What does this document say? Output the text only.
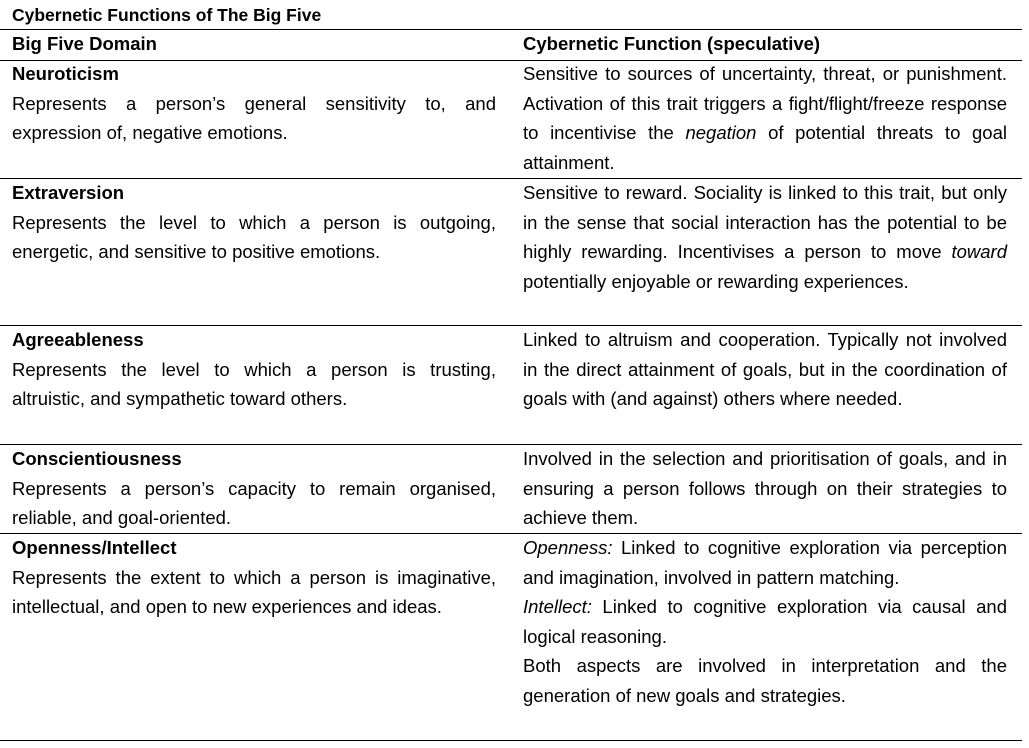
Cybernetic Functions of The Big Five
Big Five Domain	Cybernetic Function (speculative)
Neuroticism
Represents a person’s general sensitivity to, and expression of, negative emotions.
Sensitive to sources of uncertainty, threat, or punishment. Activation of this trait triggers a fight/flight/freeze response to incentivise the negation of potential threats to goal attainment.
Extraversion
Represents the level to which a person is outgoing, energetic, and sensitive to positive emotions.
Sensitive to reward. Sociality is linked to this trait, but only in the sense that social interaction has the potential to be highly rewarding. Incentivises a person to move toward potentially enjoyable or rewarding experiences.
Agreeableness
Represents the level to which a person is trusting, altruistic, and sympathetic toward others.
Linked to altruism and cooperation. Typically not involved in the direct attainment of goals, but in the coordination of goals with (and against) others where needed.
Conscientiousness
Represents a person’s capacity to remain organised, reliable, and goal-oriented.
Involved in the selection and prioritisation of goals, and in ensuring a person follows through on their strategies to achieve them.
Openness/Intellect
Represents the extent to which a person is imaginative, intellectual, and open to new experiences and ideas.
Openness: Linked to cognitive exploration via perception and imagination, involved in pattern matching.
Intellect: Linked to cognitive exploration via causal and logical reasoning.
Both aspects are involved in interpretation and the generation of new goals and strategies.
